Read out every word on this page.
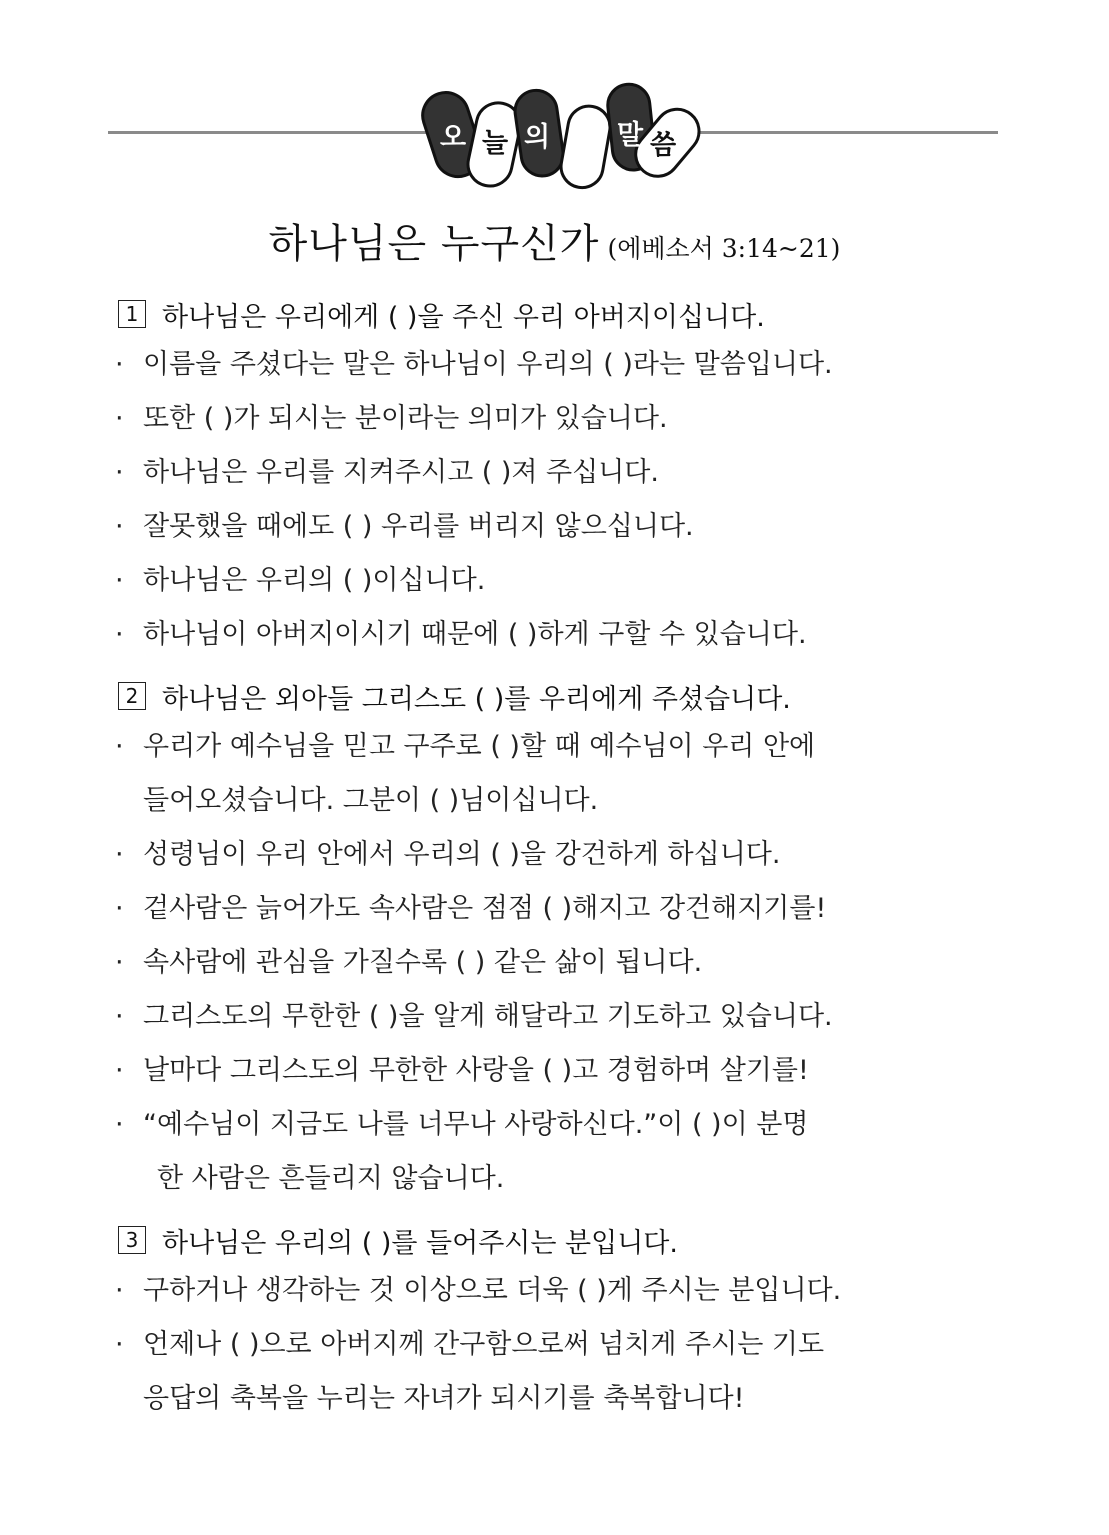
오 늘 의 말 씀
하나님은 누구신가 (에베소서 3:14~21)
1 하나님은 우리에게 ( )을 주신 우리 아버지이십니다.
· 이름을 주셨다는 말은 하나님이 우리의 ( )라는 말씀입니다.
· 또한 ( )가 되시는 분이라는 의미가 있습니다.
· 하나님은 우리를 지켜주시고 ( )져 주십니다.
· 잘못했을 때에도 ( ) 우리를 버리지 않으십니다.
· 하나님은 우리의 ( )이십니다.
· 하나님이 아버지이시기 때문에 ( )하게 구할 수 있습니다.
2 하나님은 외아들 그리스도 ( )를 우리에게 주셨습니다.
· 우리가 예수님을 믿고 구주로 ( )할 때 예수님이 우리 안에
들어오셨습니다. 그분이 ( )님이십니다.
· 성령님이 우리 안에서 우리의 ( )을 강건하게 하십니다.
· 겉사람은 늙어가도 속사람은 점점 ( )해지고 강건해지기를!
· 속사람에 관심을 가질수록 ( ) 같은 삶이 됩니다.
· 그리스도의 무한한 ( )을 알게 해달라고 기도하고 있습니다.
· 날마다 그리스도의 무한한 사랑을 ( )고 경험하며 살기를!
· “예수님이 지금도 나를 너무나 사랑하신다.”이 ( )이 분명
한 사람은 흔들리지 않습니다.
3 하나님은 우리의 ( )를 들어주시는 분입니다.
· 구하거나 생각하는 것 이상으로 더욱 ( )게 주시는 분입니다.
· 언제나 ( )으로 아버지께 간구함으로써 넘치게 주시는 기도
응답의 축복을 누리는 자녀가 되시기를 축복합니다!
